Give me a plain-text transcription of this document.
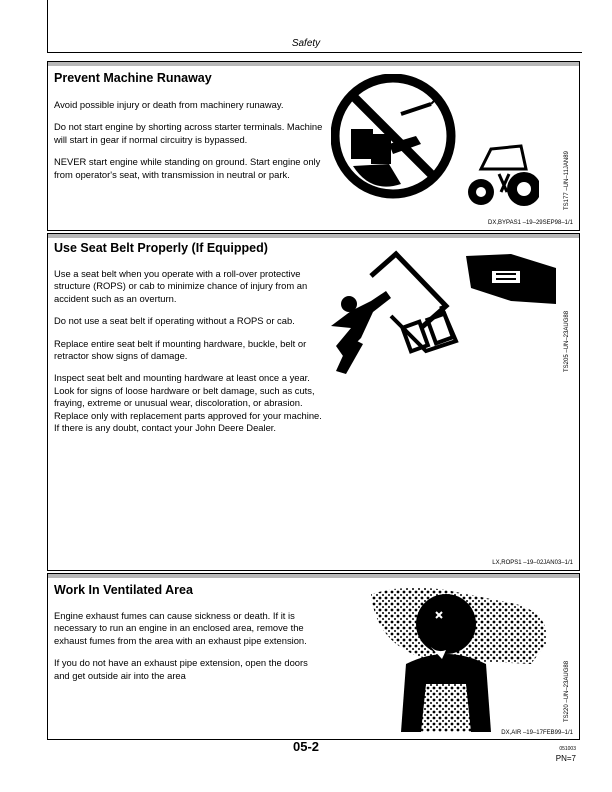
Safety
Prevent Machine Runaway

Avoid possible injury or death from machinery runaway.

Do not start engine by shorting across starter terminals. Machine will start in gear if normal circuitry is bypassed.

NEVER start engine while standing on ground. Start engine only from operator's seat, with transmission in neutral or park.	TS177 –UN–11JAN89
DX,BYPAS1 –19–29SEP98–1/1
Use Seat Belt Properly (If Equipped)

Use a seat belt when you operate with a roll-over protective structure (ROPS) or cab to minimize chance of injury from an accident such as an overturn.

Do not use a seat belt if operating without a ROPS or cab.

Replace entire seat belt if mounting hardware, buckle, belt or retractor show signs of damage.

Inspect seat belt and mounting hardware at least once a year. Look for signs of loose hardware or belt damage, such as cuts, fraying, extreme or unusual wear, discoloration, or abrasion. Replace only with replacement parts approved for your machine. If there is any doubt, contact your John Deere Dealer.

TS205 –UN–23AUG88
LX,ROPS1 –19–02JAN03–1/1
Work In Ventilated Area

Engine exhaust fumes can cause sickness or death. If it is necessary to run an engine in an enclosed area, remove the exhaust fumes from the area with an exhaust pipe extension.

If you do not have an exhaust pipe extension, open the doors and get outside air into the area	TS220 –UN–23AUG88
DX,AIR –19–17FEB99–1/1
05-2	051003
PN=7
